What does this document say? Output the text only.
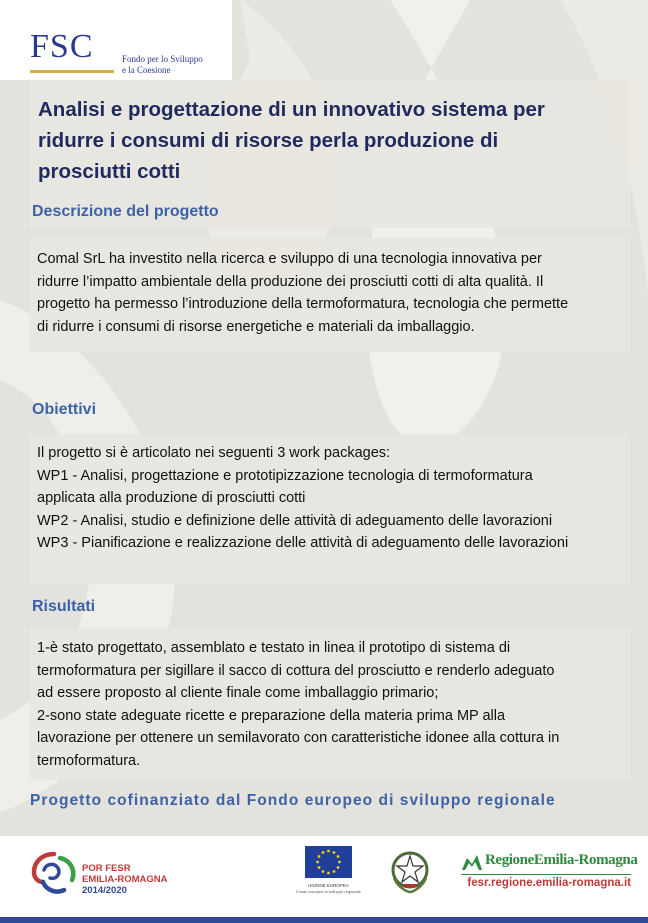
FSC	Fondo per lo Sviluppo
e la Coesione
Analisi e progettazione di un innovativo sistema per
ridurre i consumi di risorse perla produzione di
prosciutti cotti
Descrizione del progetto
Comal SrL ha investito nella ricerca e sviluppo di una tecnologia innovativa per
ridurre l’impatto ambientale della produzione dei prosciutti cotti di alta qualità. Il
progetto ha permesso l’introduzione della termoformatura, tecnologia che permette
di ridurre i consumi di risorse energetiche e materiali da imballaggio.
Obiettivi
Il progetto si è articolato nei seguenti 3 work packages:
WP1 - Analisi, progettazione e prototipizzazione tecnologia di termoformatura
applicata alla produzione di prosciutti cotti
WP2 - Analisi, studio e definizione delle attività di adeguamento delle lavorazioni
WP3 - Pianificazione e realizzazione delle attività di adeguamento delle lavorazioni
Risultati
1-è stato progettato, assemblato e testato in linea il prototipo di sistema di
termoformatura per sigillare il sacco di cottura del prosciutto e renderlo adeguato
ad essere proposto al cliente finale come imballaggio primario;
2-sono state adeguate ricette e preparazione della materia prima MP alla
lavorazione per ottenere un semilavorato con caratteristiche idonee alla cottura in
termoformatura.
Progetto cofinanziato dal Fondo europeo di sviluppo regionale
POR FESR
EMILIA-ROMAGNA
2014/2020	UNIONE EUROPEA
Fondo europeo di sviluppo regionale
RegioneEmilia-Romagna
fesr.regione.emilia-romagna.it
